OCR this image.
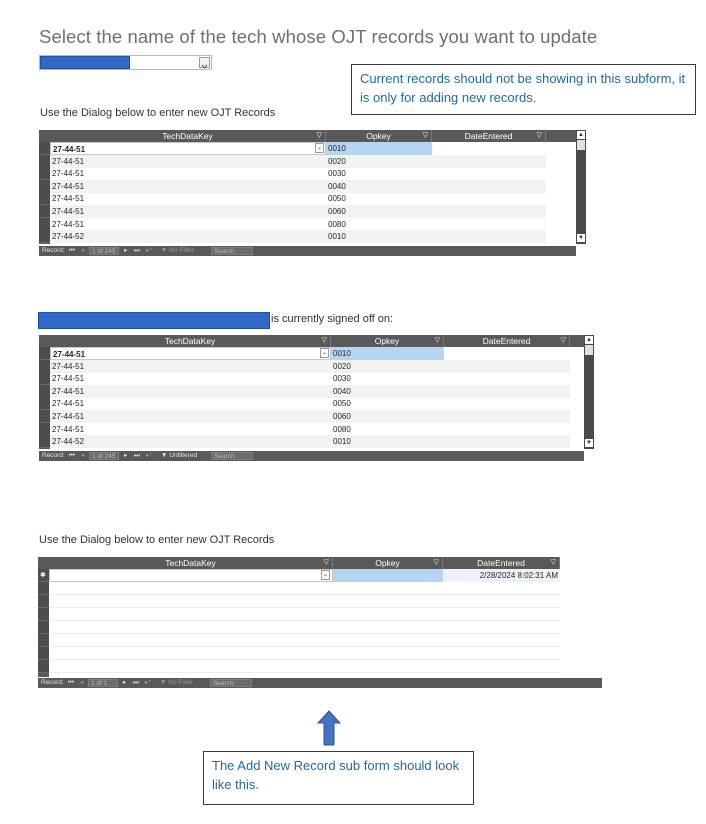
Select the name of the tech whose OJT records you want to update
Current records should not be showing in this subform, it is only for adding new records.
Use the Dialog below to enter new OJT Records
TechDataKey	▽	Opkey	▽	DateEntered	▽
27-44-51	⌄ 0010
27-44-51	0020
27-44-51	0030
27-44-51	0040
27-44-51	0050
27-44-51	0060
27-44-51	0080
27-44-52	0010
▲
▼
Record: ⏮ ◂	1 of 245	▸ ⏭ ▸* ▼ No Filter	Search
is currently signed off on:
TechDataKey	▽	Opkey	▽	DateEntered	▽
27-44-51	⌄ 0010
27-44-51	0020
27-44-51	0030
27-44-51	0040
27-44-51	0050
27-44-51	0060
27-44-51	0080
27-44-52	0010
▲
▼
Record: ⏮ ◂	1 of 245	▸ ⏭ ▸* ▼ Unfiltered	Search
Use the Dialog below to enter new OJT Records
TechDataKey	▽	Opkey	▽	DateEntered	▽
✱	⌄	2/28/2024 8:02:31 AM
Record: ⏮ ◂	1 of 1	▸ ⏭ ▸* ▼ No Filter	Search
The Add New Record sub form should look like this.
